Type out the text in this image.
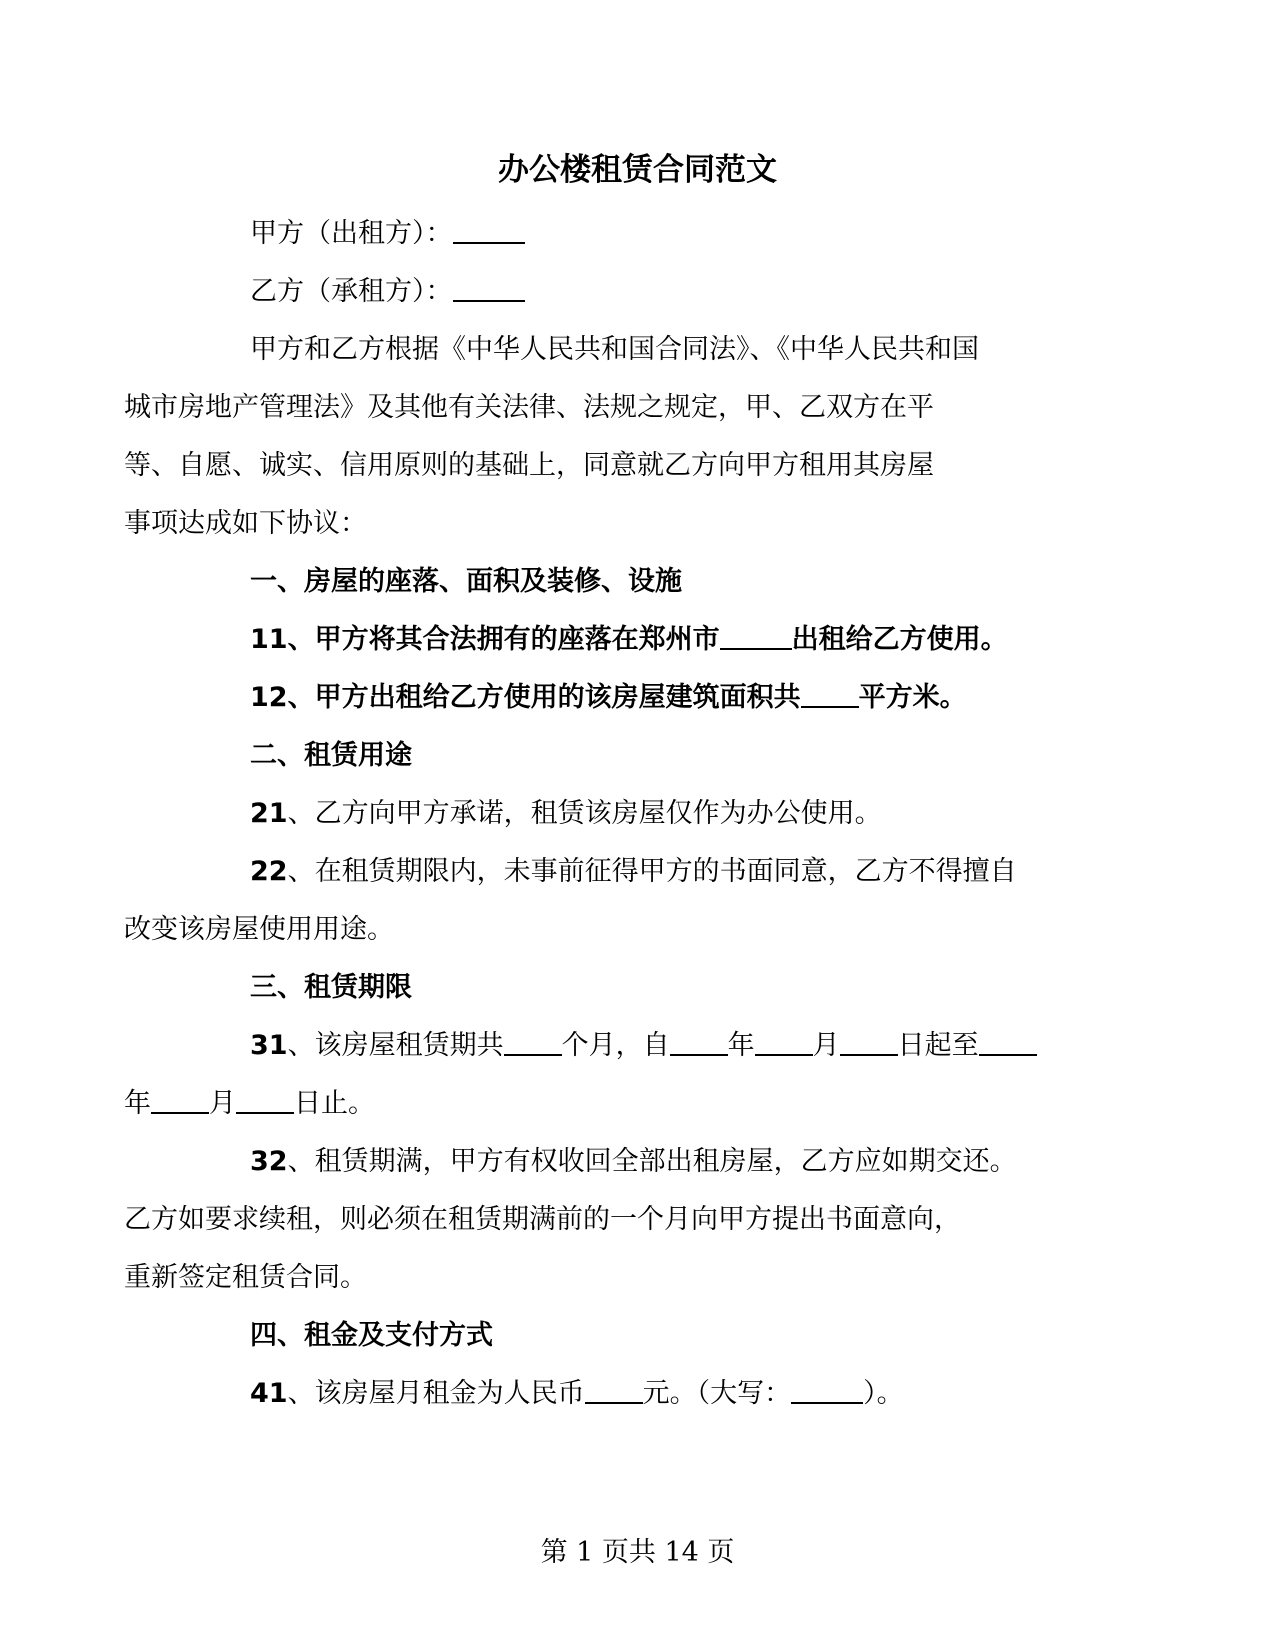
办公楼租赁合同范文

甲方（出租方）：

乙方（承租方）：

甲方和乙方根据《中华人民共和国合同法》、《中华人民共和国
城市房地产管理法》及其他有关法律、法规之规定，甲、乙双方在平
等、自愿、诚实、信用原则的基础上，同意就乙方向甲方租用其房屋
事项达成如下协议：

一、房屋的座落、面积及装修、设施

11、甲方将其合法拥有的座落在郑州市	出租给乙方使用。

12、甲方出租给乙方使用的该房屋建筑面积共 平方米。

二、租赁用途

21、乙方向甲方承诺，租赁该房屋仅作为办公使用。

22、在租赁期限内，未事前征得甲方的书面同意，乙方不得擅自
改变该房屋使用用途。

三、租赁期限

31、该房屋租赁期共 个月，自 年 月 日起至
年 月 日止。

32、租赁期满，甲方有权收回全部出租房屋，乙方应如期交还。
乙方如要求续租，则必须在租赁期满前的一个月向甲方提出书面意向，
重新签定租赁合同。

四、租金及支付方式

41、该房屋月租金为人民币 元。（大写：	）。

第 1 页共 14 页
